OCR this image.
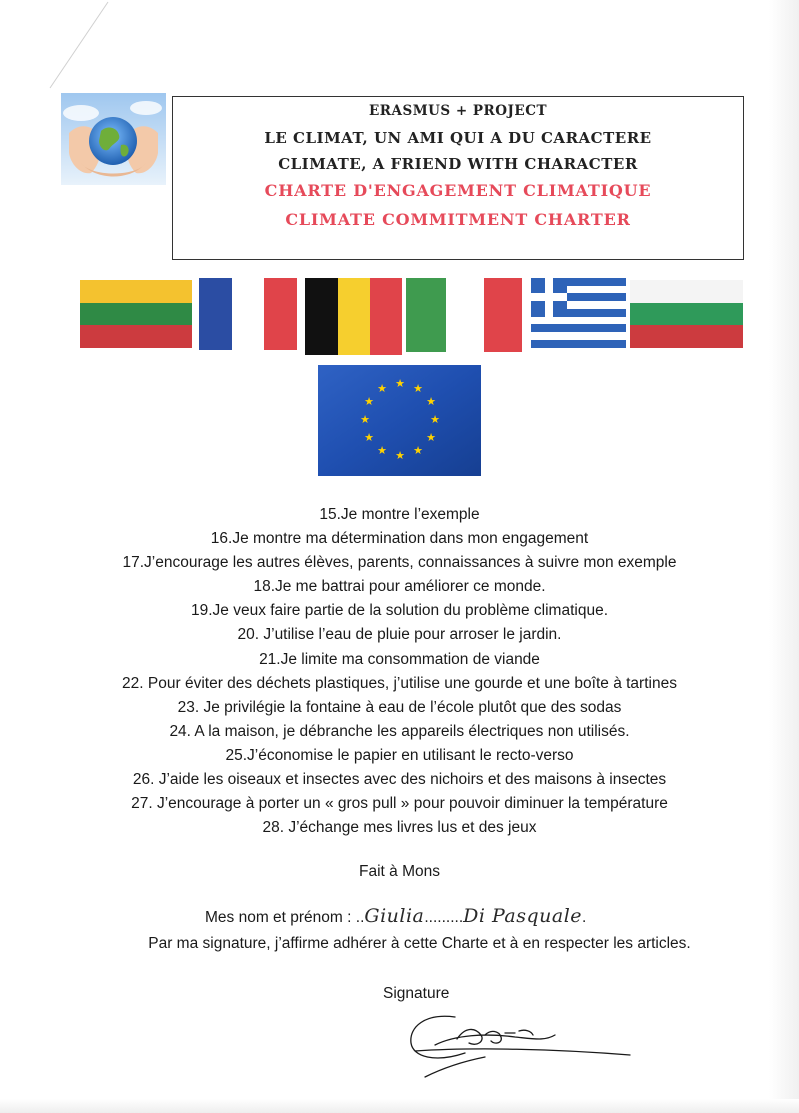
ERASMUS + PROJECT
LE CLIMAT, UN AMI QUI A DU CARACTERE
CLIMATE, A FRIEND WITH CHARACTER
CHARTE D'ENGAGEMENT CLIMATIQUE
CLIMATE COMMITMENT CHARTER
★ ★
★
★
★
★
★
★
★
★
★
★
15.Je montre l’exemple
16.Je montre ma détermination dans mon engagement
17.J’encourage les autres élèves, parents, connaissances à suivre mon exemple
18.Je me battrai pour améliorer ce monde.
19.Je veux faire partie de la solution du problème climatique.
20. J’utilise l’eau de pluie pour arroser le jardin.
21.Je limite ma consommation de viande
22. Pour éviter des déchets plastiques, j’utilise une gourde et une boîte à tartines
23. Je privilégie la fontaine à eau de l’école plutôt que des sodas
24. A la maison, je débranche les appareils électriques non utilisés.
25.J’économise le papier en utilisant le recto-verso
26. J’aide les oiseaux et insectes avec des nichoirs et des maisons à insectes
27. J’encourage à porter un « gros pull » pour pouvoir diminuer la température
28. J’échange mes livres lus et des jeux
Fait à Mons
Mes nom et prénom : ..Giulia.........Di Pasquale.
Par ma signature, j’affirme adhérer à cette Charte et à en respecter les articles.
Signature
